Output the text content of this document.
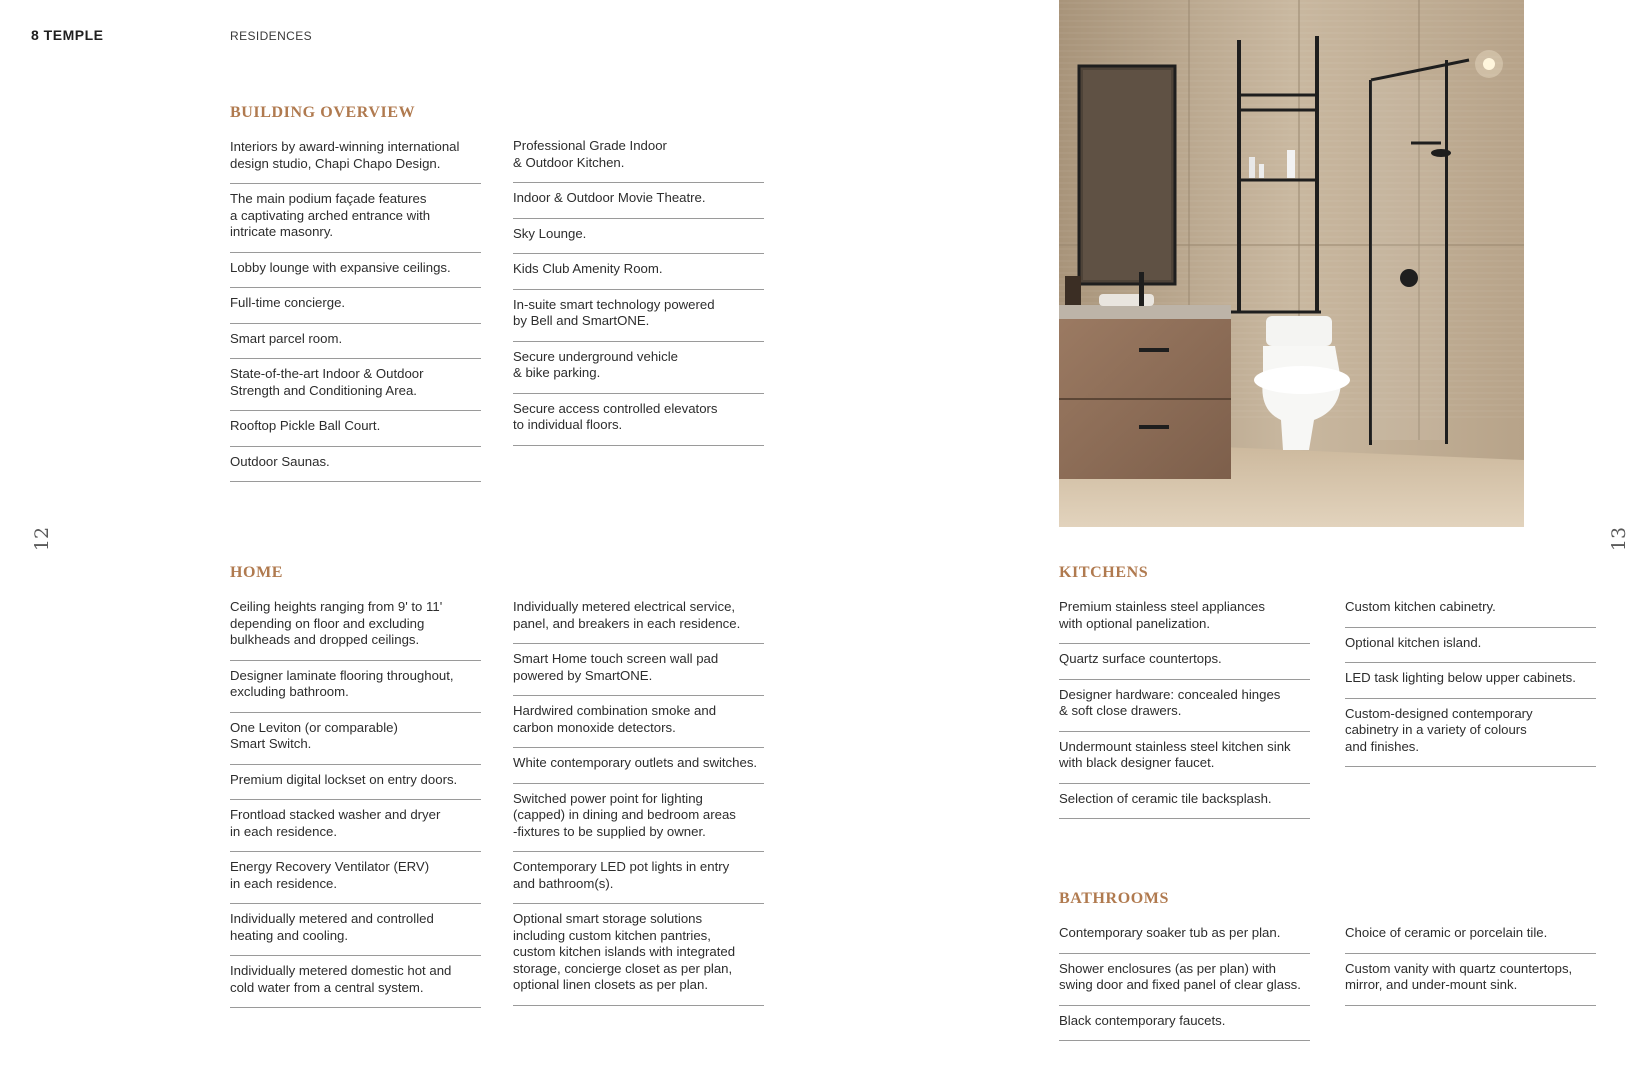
8 TEMPLE	RESIDENCES
12	13
BUILDING OVERVIEW
Interiors by award-winning international
design studio, Chapi Chapo Design.
The main podium façade features
a captivating arched entrance with
intricate masonry.
Lobby lounge with expansive ceilings.
Full-time concierge.
Smart parcel room.
State-of-the-art Indoor & Outdoor
Strength and Conditioning Area.
Rooftop Pickle Ball Court.
Outdoor Saunas.
Professional Grade Indoor
& Outdoor Kitchen.
Indoor & Outdoor Movie Theatre.
Sky Lounge.
Kids Club Amenity Room.
In-suite smart technology powered
by Bell and SmartONE.
Secure underground vehicle
& bike parking.
Secure access controlled elevators
to individual floors.
HOME
Ceiling heights ranging from 9' to 11'
depending on floor and excluding
bulkheads and dropped ceilings.
Designer laminate flooring throughout,
excluding bathroom.
One Leviton (or comparable)
Smart Switch.
Premium digital lockset on entry doors.
Frontload stacked washer and dryer
in each residence.
Energy Recovery Ventilator (ERV)
in each residence.
Individually metered and controlled
heating and cooling.
Individually metered domestic hot and
cold water from a central system.
Individually metered electrical service,
panel, and breakers in each residence.
Smart Home touch screen wall pad
powered by SmartONE.
Hardwired combination smoke and
carbon monoxide detectors.
White contemporary outlets and switches.
Switched power point for lighting
(capped) in dining and bedroom areas
-fixtures to be supplied by owner.
Contemporary LED pot lights in entry
and bathroom(s).
Optional smart storage solutions
including custom kitchen pantries,
custom kitchen islands with integrated
storage, concierge closet as per plan,
optional linen closets as per plan.
KITCHENS
Premium stainless steel appliances
with optional panelization.
Quartz surface countertops.
Designer hardware: concealed hinges
& soft close drawers.
Undermount stainless steel kitchen sink
with black designer faucet.
Selection of ceramic tile backsplash.
Custom kitchen cabinetry.
Optional kitchen island.
LED task lighting below upper cabinets.
Custom-designed contemporary
cabinetry in a variety of colours
and finishes.
BATHROOMS
Contemporary soaker tub as per plan.
Shower enclosures (as per plan) with
swing door and fixed panel of clear glass.
Black contemporary faucets.
Choice of ceramic or porcelain tile.
Custom vanity with quartz countertops,
mirror, and under-mount sink.
